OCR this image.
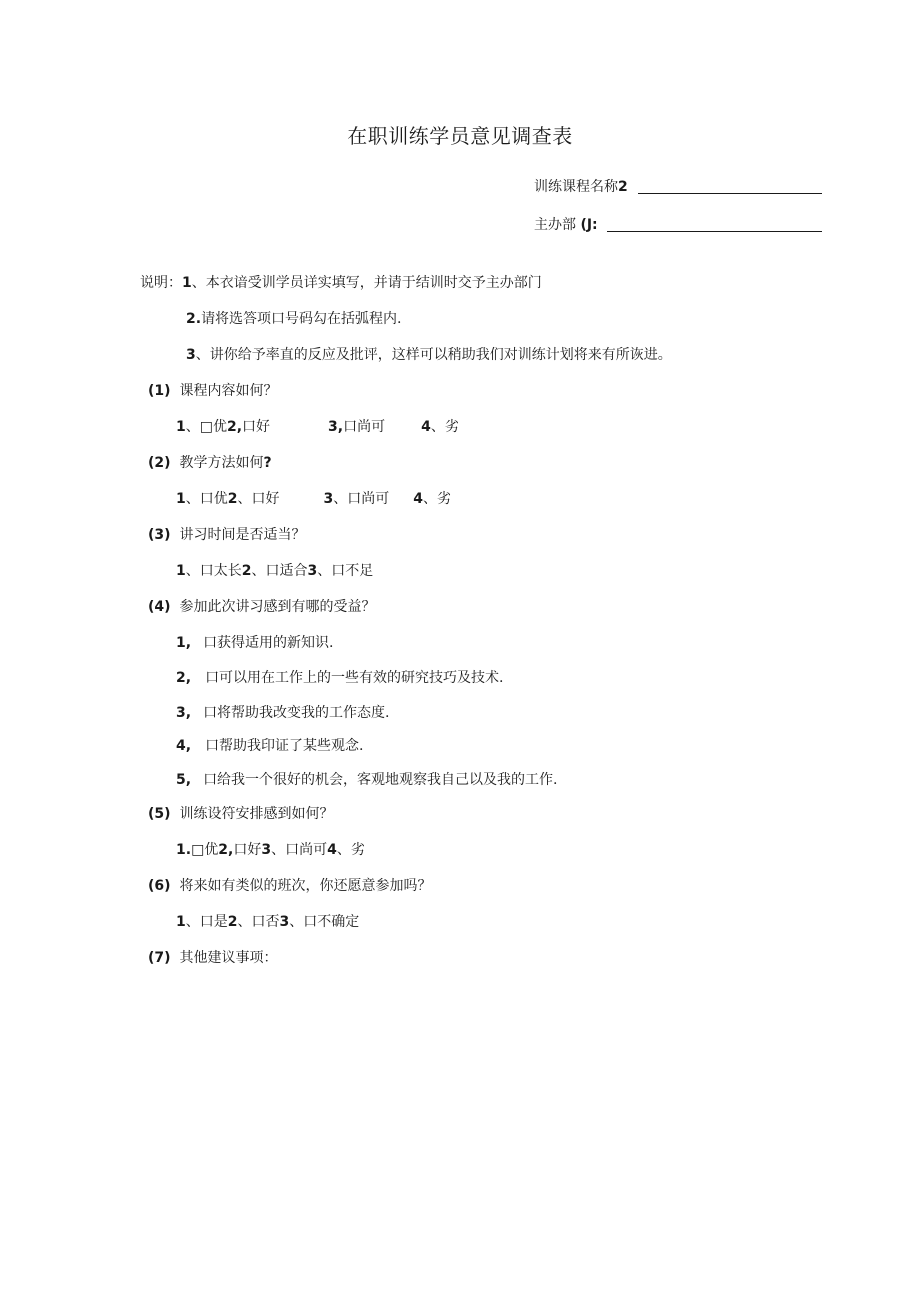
在职训练学员意见调查表
训练课程名称2
主办部 (J:
说明：1、本衣谙受训学员详实填写，并请于结训时交予主办部门
2.请将选答项口号码勾在括弧程内.
3、讲你给予率直的反应及批评，这样可以稍助我们对训练计划将来有所诙进。
(1) 课程内容如何？
1、□优2,口好	3,口尚可	4、劣
(2) 教学方法如何?
1、口优2、口好	3、口尚可 4、劣
(3) 讲习时间是否适当？
1、口太长2、口适合3、口不足
(4) 参加此次讲习感到有哪的受益？
1, 口获得适用的新知识.
2, 口可以用在工作上的一些有效的研究技巧及技术.
3, 口将帮助我改变我的工作态度.
4, 口帮助我印证了某些观念.
5, 口给我一个很好的机会，客观地观察我自己以及我的工作.
(5) 训练设符安排感到如何？
1.□优2,口好3、口尚可4、劣
(6) 将来如有类似的班次，你还愿意参加吗？
1、口是2、口否3、口不确定
(7) 其他建议事项：
